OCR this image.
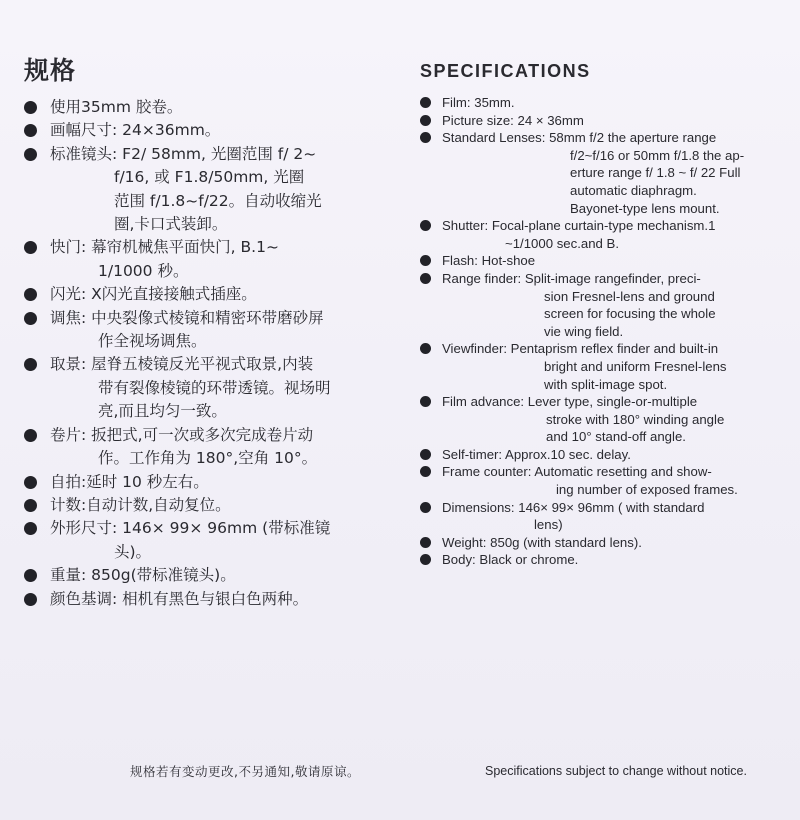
规格
使用35mm 胶卷。
画幅尺寸: 24×36mm。
标准镜头: F2/ 58mm, 光圈范围 f/ 2~
f/16, 或 F1.8/50mm, 光圈
范围 f/1.8~f/22。自动收缩光
圈,卡口式装卸。
快门: 幕帘机械焦平面快门, B.1~
1/1000 秒。
闪光: X闪光直接接触式插座。
调焦: 中央裂像式棱镜和精密环带磨砂屏
作全视场调焦。
取景: 屋脊五棱镜反光平视式取景,内装
带有裂像棱镜的环带透镜。视场明
亮,而且均匀一致。
卷片: 扳把式,可一次或多次完成卷片动
作。工作角为 180°,空角 10°。
自拍:延时 10 秒左右。
计数:自动计数,自动复位。
外形尺寸: 146× 99× 96mm (带标准镜
头)。
重量: 850g(带标准镜头)。
颜色基调: 相机有黑色与银白色两种。
SPECIFICATIONS
Film: 35mm.
Picture size: 24 × 36mm
Standard Lenses: 58mm f/2 the aperture range
f/2~f/16 or 50mm f/1.8 the ap-
erture range f/ 1.8 ~ f/ 22 Full
automatic diaphragm.
Bayonet-type lens mount.
Shutter: Focal-plane curtain-type mechanism.1
~1/1000 sec.and B.
Flash: Hot-shoe
Range finder: Split-image rangefinder, preci-
sion Fresnel-lens and ground
screen for focusing the whole
vie wing field.
Viewfinder: Pentaprism reflex finder and built-in
bright and uniform Fresnel-lens
with split-image spot.
Film advance: Lever type, single-or-multiple
stroke with 180° winding angle
and 10° stand-off angle.
Self-timer: Approx.10 sec. delay.
Frame counter: Automatic resetting and show-
ing number of exposed frames.
Dimensions: 146× 99× 96mm ( with standard
lens)
Weight: 850g (with standard lens).
Body: Black or chrome.
规格若有变动更改,不另通知,敬请原谅。	Specifications subject to change without notice.
